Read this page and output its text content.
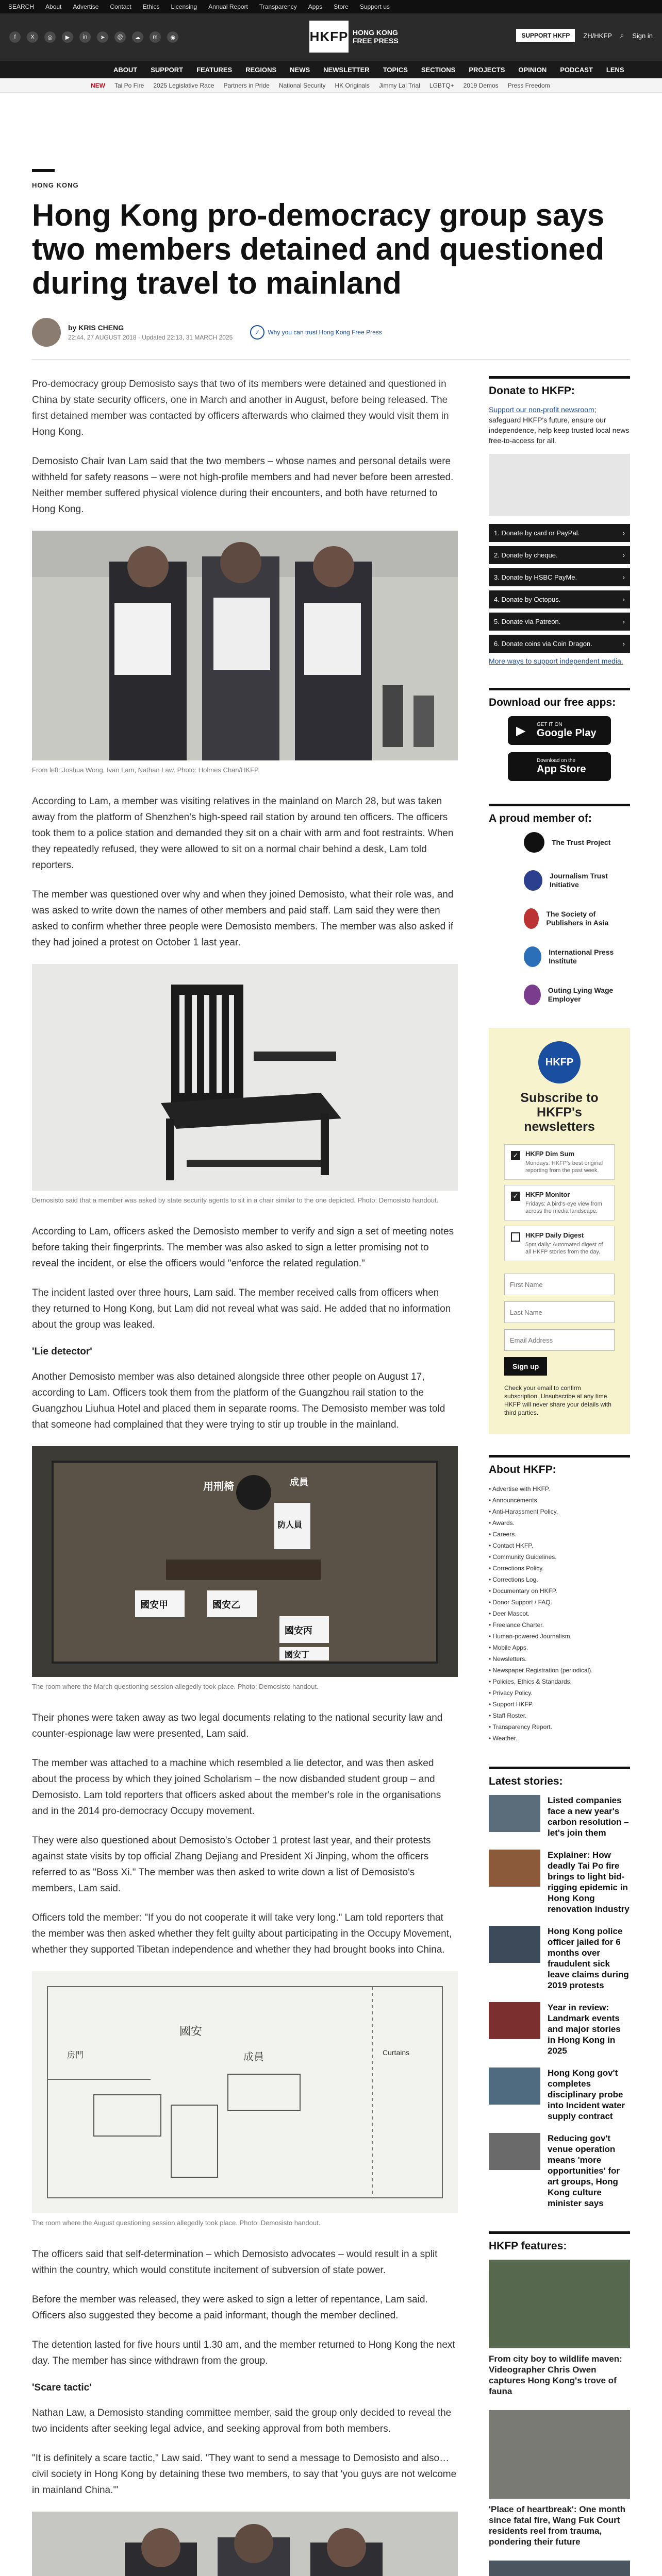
SEARCH About Advertise Contact Ethics Licensing Annual Report Transparency Apps Store Support us
f	X	◎	▶	in	➤	@	☁	m	◉	HKFP HONG KONG
FREE PRESS
SUPPORT HKFP	ZH/HKFP ⌕ Sign in
ABOUT SUPPORT FEATURES REGIONS NEWS NEWSLETTER TOPICS SECTIONS PROJECTS OPINION PODCAST LENS
NEW Tai Po Fire 2025 Legislative Race Partners in Pride National Security HK Originals Jimmy Lai Trial LGBTQ+ 2019 Demos Press Freedom
HONG KONG
Hong Kong pro-democracy group says two members detained and questioned during travel to mainland
by KRIS CHENG
22:44, 27 AUGUST 2018 · Updated 22:13, 31 MARCH 2025
✓	Why you can trust Hong Kong Free Press

Pro-democracy group Demosisto says that two of its members were detained and questioned in China by state security officers, one in March and another in August, before being released. The first detained member was contacted by officers afterwards who claimed they would visit them in Hong Kong.

Demosisto Chair Ivan Lam said that the two members – whose names and personal details were withheld for safety reasons – were not high-profile members and had never before been arrested. Neither member suffered physical violence during their encounters, and both have returned to Hong Kong.

From left: Joshua Wong, Ivan Lam, Nathan Law. Photo: Holmes Chan/HKFP.

According to Lam, a member was visiting relatives in the mainland on March 28, but was taken away from the platform of Shenzhen's high-speed rail station by around ten officers. The officers took them to a police station and demanded they sit on a chair with arm and foot restraints. When they repeatedly refused, they were allowed to sit on a normal chair behind a desk, Lam told reporters.

The member was questioned over why and when they joined Demosisto, what their role was, and was asked to write down the names of other members and paid staff. Lam said they were then asked to confirm whether three people were Demosisto members. The member was also asked if they had joined a protest on October 1 last year.

Demosisto said that a member was asked by state security agents to sit in a chair similar to the one depicted. Photo: Demosisto handout.

According to Lam, officers asked the Demosisto member to verify and sign a set of meeting notes before taking their fingerprints. The member was also asked to sign a letter promising not to reveal the incident, or else the officers would "enforce the related regulation."

The incident lasted over three hours, Lam said. The member received calls from officers when they returned to Hong Kong, but Lam did not reveal what was said. He added that no information about the group was leaked.

'Lie detector'

Another Demosisto member was also detained alongside three other people on August 17, according to Lam. Officers took them from the platform of the Guangzhou rail station to the Guangzhou Liuhua Hotel and placed them in separate rooms. The Demosisto member was told that someone had complained that they were trying to stir up trouble in the mainland.

用刑椅	成員
防人員
國安甲	國安乙
國安丙
國安丁
The room where the March questioning session allegedly took place. Photo: Demosisto handout.

Their phones were taken away as two legal documents relating to the national security law and counter-espionage law were presented, Lam said.

The member was attached to a machine which resembled a lie detector, and was then asked about the process by which they joined Scholarism – the now disbanded student group – and Demosisto. Lam told reporters that officers asked about the member's role in the organisations and in the 2014 pro-democracy Occupy movement.

They were also questioned about Demosisto's October 1 protest last year, and their protests against state visits by top official Zhang Dejiang and President Xi Jinping, whom the officers referred to as "Boss Xi." The member was then asked to write down a list of Demosisto's members, Lam said.

Officers told the member: "If you do not cooperate it will take very long." Lam told reporters that the member was then asked whether they felt guilty about participating in the Occupy Movement, whether they supported Tibetan independence and whether they had brought books into China.

房門
國安
成員	Curtains
The room where the August questioning session allegedly took place. Photo: Demosisto handout.

The officers said that self-determination – which Demosisto advocates – would result in a split within the country, which would constitute incitement of subversion of state power.

Before the member was released, they were asked to sign a letter of repentance, Lam said. Officers also suggested they become a paid informant, though the member declined.

The detention lasted for five hours until 1.30 am, and the member returned to Hong Kong the next day. The member has since withdrawn from the group.

'Scare tactic'

Nathan Law, a Demosisto standing committee member, said the group only decided to reveal the two incidents after seeking legal advice, and seeking approval from both members.

"It is definitely a scare tactic," Law said. "They want to send a message to Demosisto and also… civil society in Hong Kong by detaining these two members, to say that 'you guys are not welcome in mainland China.'"

Donate to HKFP:
Support our non-profit newsroom; safeguard HKFP's future, ensure our independence, help keep trusted local news free-to-access for all.
1. Donate by card or PayPal.	›
2. Donate by cheque.	›
3. Donate by HSBC PayMe.	›
4. Donate by Octopus.	›
5. Donate via Patreon.	›
6. Donate coins via Coin Dragon.	›
More ways to support independent media.
Download our free apps:
▶ GET IT ON
Google Play
Download on the
App Store
A proud member of:
The Trust Project
Journalism Trust Initiative
The Society of Publishers in Asia
International Press Institute
Outing Lying Wage Employer
HKFP
Subscribe to HKFP's newsletters
✓ HKFP Dim Sum
Mondays: HKFP's best original reporting from the past week.
✓ HKFP Monitor
Fridays: A bird's-eye view from across the media landscape.
HKFP Daily Digest
5pm daily: Automated digest of all HKFP stories from the day.
First Name Last Name Email Address Sign up
Check your email to confirm subscription. Unsubscribe at any time. HKFP will never share your details with third parties.
About HKFP:
• Advertise with HKFP.
• Announcements.
• Anti-Harassment Policy.
• Awards.
• Careers.
• Contact HKFP.
• Community Guidelines.
• Corrections Policy.
• Corrections Log.
• Documentary on HKFP.
• Donor Support / FAQ.
• Deer Mascot.
• Freelance Charter.
• Human-powered Journalism.
• Mobile Apps.
• Newsletters.
• Newspaper Registration (periodical).
• Policies, Ethics & Standards.
• Privacy Policy.
• Support HKFP.
• Staff Roster.
• Transparency Report.
• Weather.
Latest stories:
Listed companies face a new year's carbon resolution – let's join them
Explainer: How deadly Tai Po fire brings to light bid-rigging epidemic in Hong Kong renovation industry
Hong Kong police officer jailed for 6 months over fraudulent sick leave claims during 2019 protests
Year in review: Landmark events and major stories in Hong Kong in 2025
Hong Kong gov't completes disciplinary probe into Incident water supply contract
Reducing gov't venue operation means 'more opportunities' for art groups, Hong Kong culture minister says
HKFP features:
From city boy to wildlife maven: Videographer Chris Owen captures Hong Kong's trove of fauna
'Place of heartbreak': One month since fatal fire, Wang Fuk Court residents reel from trauma, pondering their future
